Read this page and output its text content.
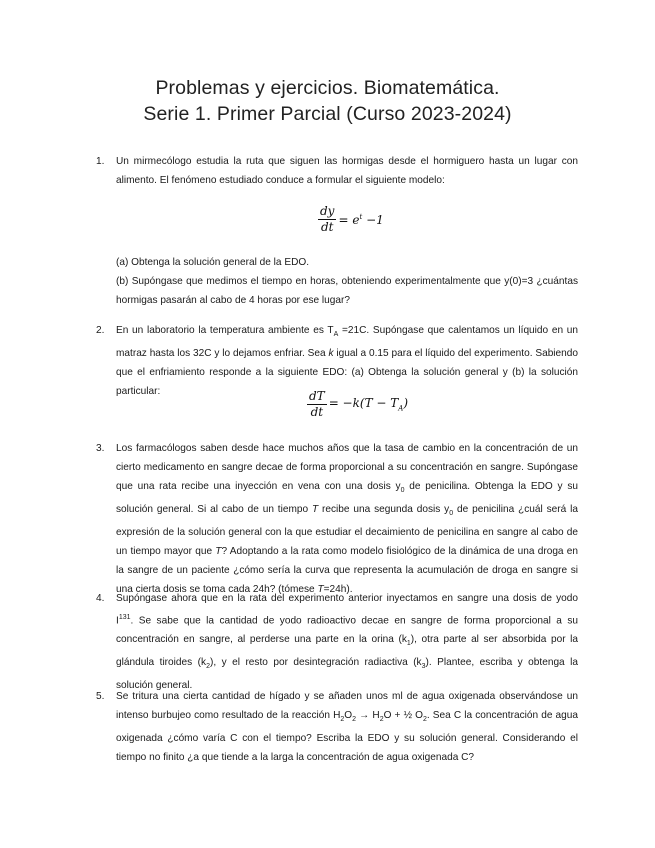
Problemas y ejercicios. Biomatemática.
Serie 1. Primer Parcial (Curso 2023-2024)
1.	Un mirmecólogo estudia la ruta que siguen las hormigas desde el hormiguero hasta un lugar con alimento. El fenómeno estudiado conduce a formular el siguiente modelo:
$\frac{dy}{dt} = e^t -1$
(a) Obtenga la solución general de la EDO.
(b) Supóngase que medimos el tiempo en horas, obteniendo experimentalmente que y(0)=3 ¿cuántas hormigas pasarán al cabo de 4 horas por ese lugar?
2.	En un laboratorio la temperatura ambiente es $T_A =21C$. Supóngase que calentamos un líquido en un matraz hasta los 32C y lo dejamos enfriar. Sea k igual a 0.15 para el líquido del experimento. Sabiendo que el enfriamiento responde a la siguiente EDO: (a) Obtenga la solución general y (b) la solución particular:	$\frac{dT}{dt} = -k(T - T_A)$
3.	Los farmacólogos saben desde hace muchos años que la tasa de cambio en la concentración de un cierto medicamento en sangre decae de forma proporcional a su concentración en sangre. Supóngase que una rata recibe una inyección en vena con una dosis $y_0$ de penicilina. Obtenga la EDO y su solución general. Si al cabo de un tiempo T recibe una segunda dosis $y_0$ de penicilina ¿cuál será la expresión de la solución general con la que estudiar el decaimiento de penicilina en sangre al cabo de un tiempo mayor que T? Adoptando a la rata como modelo fisiológico de la dinámica de una droga en la sangre de un paciente ¿cómo sería la curva que representa la acumulación de droga en sangre si una cierta dosis se toma cada 24h? (tómese T=24h).
4.	Supóngase ahora que en la rata del experimento anterior inyectamos en sangre una dosis de yodo $I^{131}$. Se sabe que la cantidad de yodo radioactivo decae en sangre de forma proporcional a su concentración en sangre, al perderse una parte en la orina $(k_1)$, otra parte al ser absorbida por la glándula tiroides $(k_2)$, y el resto por desintegración radiactiva $(k_3)$. Plantee, escriba y obtenga la solución general.
5.	Se tritura una cierta cantidad de hígado y se añaden unos ml de agua oxigenada observándose un intenso burbujeo como resultado de la reacción $H_2O_2 \to H_2O$ + ½ $O_2$. Sea C la concentración de agua oxigenada ¿cómo varía C con el tiempo? Escriba la EDO y su solución general. Considerando el tiempo no finito ¿a que tiende a la larga la concentración de agua oxigenada C?
